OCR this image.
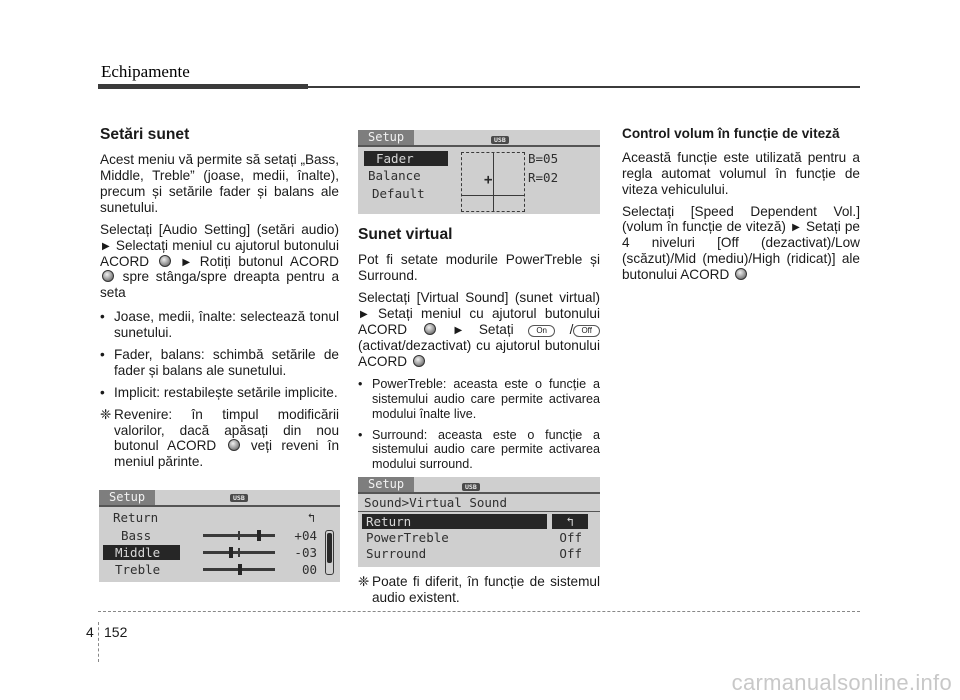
Echipamente
Setări sunet

Acest meniu vă permite să setați „Bass, Middle, Treble” (joase, medii, înalte), precum și setările fader și balans ale sunetului.

Selectați [Audio Setting] (setări audio) ▶ Selectați meniul cu ajutorul butonului ACORD	▶ Rotiți butonul ACORD  spre stânga/spre dreapta pentru a seta

• Joase, medii, înalte: selectează tonul sunetului.
• Fader, balans: schimbă setările de fader și balans ale sunetului.
• Implicit: restabilește setările implicite.
❈ Revenire: în timpul modificării valorilor, dacă apăsați din nou butonul ACORD	veți reveni în meniul părinte.
Setup	USB
Return	↰
Bass	+04
Middle	-03
Treble	00
Setup	USB
Fader
Balance
Default
+
B=05
R=02
Sunet virtual

Pot fi setate modurile PowerTreble și Surround.

Selectați [Virtual Sound] (sunet virtual) ▶ Setați meniul cu ajutorul butonului ACORD	▶ Setați	On / Off (activat/dezactivat) cu ajutorul butonului ACORD

• PowerTreble: aceasta este o funcție a sistemului audio care permite activarea modului înalte live.
• Surround: aceasta este o funcție a sistemului audio care permite activarea modului surround.
Setup	USB
Sound>Virtual Sound
Return	↰
PowerTreble	Off
Surround	Off
❈ Poate fi diferit, în funcție de sistemul audio existent.
Control volum în funcție de viteză

Această funcție este utilizată pentru a regla automat volumul în funcție de viteza vehiculului.

Selectați [Speed Dependent Vol.] (volum în funcție de viteză) ▶ Setați pe 4 niveluri [Off (dezactivat)/Low (scăzut)/Mid (mediu)/High (ridicat)] ale butonului ACORD

4 152
carmanualsonline.info
